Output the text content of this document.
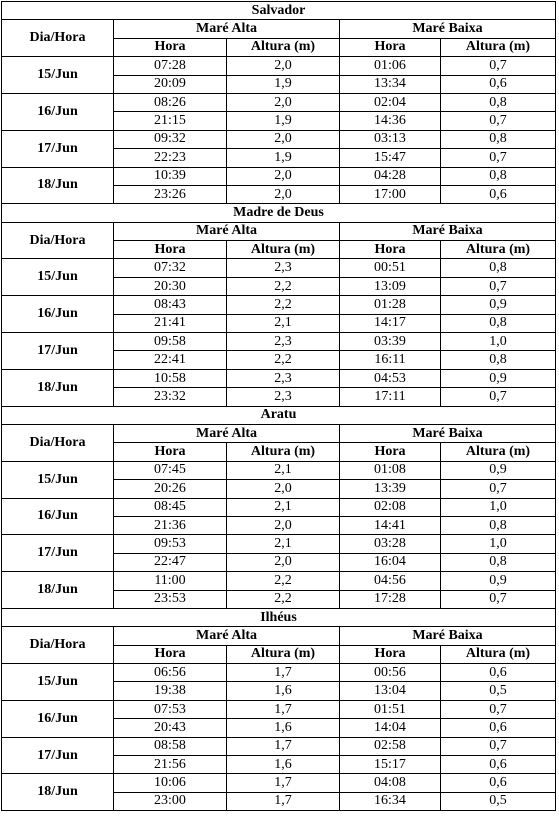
Salvador				
Dia/Hora	Maré Alta		Maré Baixa	
	Hora	Altura (m)	Hora	Altura (m)
15/Jun	07:28	2,0	01:06	0,7
	20:09	1,9	13:34	0,6
16/Jun	08:26	2,0	02:04	0,8
	21:15	1,9	14:36	0,7
17/Jun	09:32	2,0	03:13	0,8
	22:23	1,9	15:47	0,7
18/Jun	10:39	2,0	04:28	0,8
	23:26	2,0	17:00	0,6
Madre de Deus				
Dia/Hora	Maré Alta		Maré Baixa	
	Hora	Altura (m)	Hora	Altura (m)
15/Jun	07:32	2,3	00:51	0,8
	20:30	2,2	13:09	0,7
16/Jun	08:43	2,2	01:28	0,9
	21:41	2,1	14:17	0,8
17/Jun	09:58	2,3	03:39	1,0
	22:41	2,2	16:11	0,8
18/Jun	10:58	2,3	04:53	0,9
	23:32	2,3	17:11	0,7
Aratu				
Dia/Hora	Maré Alta		Maré Baixa	
	Hora	Altura (m)	Hora	Altura (m)
15/Jun	07:45	2,1	01:08	0,9
	20:26	2,0	13:39	0,7
16/Jun	08:45	2,1	02:08	1,0
	21:36	2,0	14:41	0,8
17/Jun	09:53	2,1	03:28	1,0
	22:47	2,0	16:04	0,8
18/Jun	11:00	2,2	04:56	0,9
	23:53	2,2	17:28	0,7
Ilhéus				
Dia/Hora	Maré Alta		Maré Baixa	
	Hora	Altura (m)	Hora	Altura (m)
15/Jun	06:56	1,7	00:56	0,6
	19:38	1,6	13:04	0,5
16/Jun	07:53	1,7	01:51	0,7
	20:43	1,6	14:04	0,6
17/Jun	08:58	1,7	02:58	0,7
	21:56	1,6	15:17	0,6
18/Jun	10:06	1,7	04:08	0,6
	23:00	1,7	16:34	0,5
